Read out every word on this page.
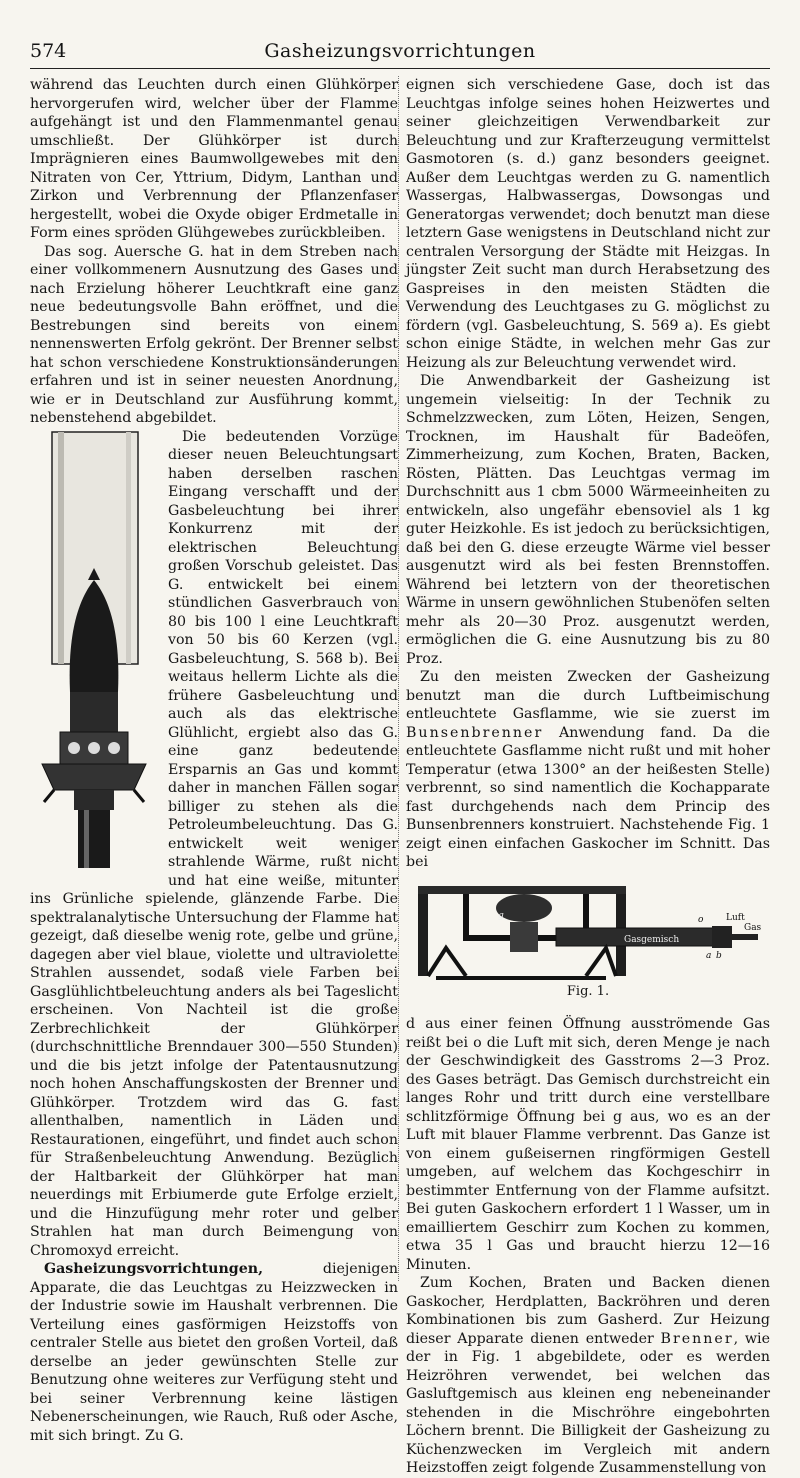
574	Gasheizungsvorrichtungen

während das Leuchten durch einen Glühkörper hervorgerufen wird, welcher über der Flamme aufgehängt ist und den Flammenmantel genau umschließt. Der Glühkörper ist durch Imprägnieren eines Baumwollgewebes mit den Nitraten von Cer, Yttrium, Didym, Lanthan und Zirkon und Verbrennung der Pflanzenfaser hergestellt, wobei die Oxyde obiger Erdmetalle in Form eines spröden Glühgewebes zurückbleiben.

Das sog. Auersche G. hat in dem Streben nach einer vollkommenern Ausnutzung des Gases und nach Erzielung höherer Leuchtkraft eine ganz neue bedeutungsvolle Bahn eröffnet, und die Bestrebungen sind bereits von einem nennenswerten Erfolg gekrönt. Der Brenner selbst hat schon verschiedene Konstruktionsänderungen erfahren und ist in seiner neuesten Anordnung, wie er in Deutschland zur Ausführung kommt, nebenstehend abgebildet.

Die bedeutenden Vorzüge dieser neuen Beleuchtungsart haben derselben raschen Eingang verschafft und der Gasbeleuchtung bei ihrer Konkurrenz mit der elektrischen Beleuchtung großen Vorschub geleistet. Das G. entwickelt bei einem stündlichen Gasverbrauch von 80 bis 100 l eine Leuchtkraft von 50 bis 60 Kerzen (vgl. Gasbeleuchtung, S. 568 b). Bei weitaus hellerm Lichte als die frühere Gasbeleuchtung und auch als das elektrische Glühlicht, ergiebt also das G. eine ganz bedeutende Ersparnis an Gas und kommt daher in manchen Fällen sogar billiger zu stehen als die Petroleumbeleuchtung. Das G. entwickelt weit weniger strahlende Wärme, rußt nicht und hat eine weiße, mitunter ins Grünliche spielende, glänzende Farbe. Die spektralanalytische Untersuchung der Flamme hat gezeigt, daß dieselbe wenig rote, gelbe und grüne, dagegen aber viel blaue, violette und ultraviolette Strahlen aussendet, sodaß viele Farben bei Gasglühlichtbeleuchtung anders als bei Tageslicht erscheinen. Von Nachteil ist die große Zerbrechlichkeit der Glühkörper (durchschnittliche Brenndauer 300—550 Stunden) und die bis jetzt infolge der Patentausnutzung noch hohen Anschaffungskosten der Brenner und Glühkörper. Trotzdem wird das G. fast allenthalben, namentlich in Läden und Restaurationen, eingeführt, und findet auch schon für Straßenbeleuchtung Anwendung. Bezüglich der Haltbarkeit der Glühkörper hat man neuerdings mit Erbiumerde gute Erfolge erzielt, und die Hinzufügung mehr roter und gelber Strahlen hat man durch Beimengung von Chromoxyd erreicht.

Gasheizungsvorrichtungen, diejenigen Apparate, die das Leuchtgas zu Heizzwecken in der Industrie sowie im Haushalt verbrennen. Die Verteilung eines gasförmigen Heizstoffs von centraler Stelle aus bietet den großen Vorteil, daß derselbe an jeder gewünschten Stelle zur Benutzung ohne weiteres zur Verfügung steht und bei seiner Verbrennung keine lästigen Nebenerscheinungen, wie Rauch, Ruß oder Asche, mit sich bringt. Zu G.

eignen sich verschiedene Gase, doch ist das Leuchtgas infolge seines hohen Heizwertes und seiner gleichzeitigen Verwendbarkeit zur Beleuchtung und zur Krafterzeugung vermittelst Gasmotoren (s. d.) ganz besonders geeignet. Außer dem Leuchtgas werden zu G. namentlich Wassergas, Halbwassergas, Dowsongas und Generatorgas verwendet; doch benutzt man diese letztern Gase wenigstens in Deutschland nicht zur centralen Versorgung der Städte mit Heizgas. In jüngster Zeit sucht man durch Herabsetzung des Gaspreises in den meisten Städten die Verwendung des Leuchtgases zu G. möglichst zu fördern (vgl. Gasbeleuchtung, S. 569 a). Es giebt schon einige Städte, in welchen mehr Gas zur Heizung als zur Beleuchtung verwendet wird.

Die Anwendbarkeit der Gasheizung ist ungemein vielseitig: In der Technik zu Schmelzzwecken, zum Löten, Heizen, Sengen, Trocknen, im Haushalt für Badeöfen, Zimmerheizung, zum Kochen, Braten, Backen, Rösten, Plätten. Das Leuchtgas vermag im Durchschnitt aus 1 cbm 5000 Wärmeeinheiten zu entwickeln, also ungefähr ebensoviel als 1 kg guter Heizkohle. Es ist jedoch zu berücksichtigen, daß bei den G. diese erzeugte Wärme viel besser ausgenutzt wird als bei festen Brennstoffen. Während bei letztern von der theoretischen Wärme in unsern gewöhnlichen Stubenöfen selten mehr als 20—30 Proz. ausgenutzt werden, ermöglichen die G. eine Ausnutzung bis zu 80 Proz.

Zu den meisten Zwecken der Gasheizung benutzt man die durch Luftbeimischung entleuchtete Gasflamme, wie sie zuerst im Bunsenbrenner Anwendung fand. Da die entleuchtete Gasflamme nicht rußt und mit hoher Temperatur (etwa 1300° an der heißesten Stelle) verbrennt, so sind namentlich die Kochapparate fast durchgehends nach dem Princip des Bunsenbrenners konstruiert. Nachstehende Fig. 1 zeigt einen einfachen Gaskocher im Schnitt. Das bei

Gasgemisch
Luft
Gas
o
g
a b

Fig. 1.

d aus einer feinen Öffnung ausströmende Gas reißt bei o die Luft mit sich, deren Menge je nach der Geschwindigkeit des Gasstroms 2—3 Proz. des Gases beträgt. Das Gemisch durchstreicht ein langes Rohr und tritt durch eine verstellbare schlitzförmige Öffnung bei g aus, wo es an der Luft mit blauer Flamme verbrennt. Das Ganze ist von einem gußeisernen ringförmigen Gestell umgeben, auf welchem das Kochgeschirr in bestimmter Entfernung von der Flamme aufsitzt. Bei guten Gaskochern erfordert 1 l Wasser, um in emailliertem Geschirr zum Kochen zu kommen, etwa 35 l Gas und braucht hierzu 12—16 Minuten.

Zum Kochen, Braten und Backen dienen Gaskocher, Herdplatten, Backröhren und deren Kombinationen bis zum Gasherd. Zur Heizung dieser Apparate dienen entweder Brenner, wie der in Fig. 1 abgebildete, oder es werden Heizröhren verwendet, bei welchen das Gasluftgemisch aus kleinen eng nebeneinander stehenden in die Mischröhre eingebohrten Löchern brennt. Die Billigkeit der Gasheizung zu Küchenzwecken im Vergleich mit andern Heizstoffen zeigt folgende Zusammenstellung von
